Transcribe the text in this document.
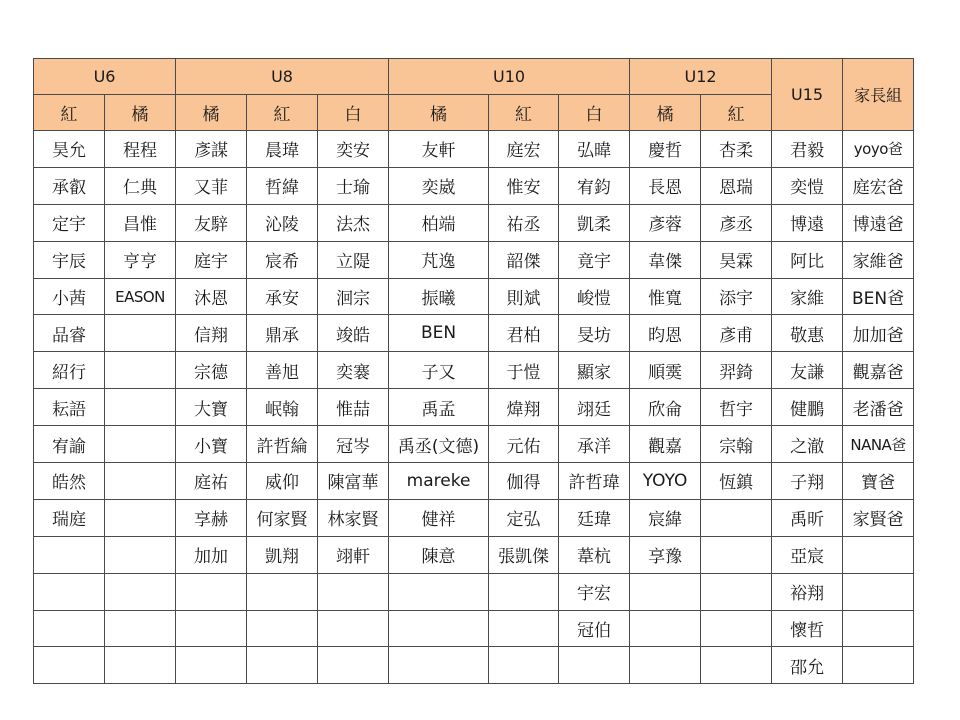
U6		U8			U10			U12		U15	家長組
紅	橘	橘	紅	白	橘	紅	白	橘	紅		
昊允	程程	彥謀	晨瑋	奕安	友軒	庭宏	弘暐	慶哲	杏柔	君毅	yoyo爸
承叡	仁典	又菲	哲緯	士瑜	奕崴	惟安	宥鈞	長恩	恩瑞	奕愷	庭宏爸
定宇	昌惟	友騂	沁陵	法杰	柏端	祐丞	凱柔	彥蓉	彥丞	博遠	博遠爸
宇辰	亨亨	庭宇	宸希	立隄	芃逸	韶傑	竟宇	韋傑	昊霖	阿比	家維爸
小茜	EASON	沐恩	承安	洄宗	振曦	則斌	峻愷	惟寬	添宇	家維	BEN爸
品睿		信翔	鼎承	竣皓	BEN	君柏	旻坊	昀恩	彥甫	敬惠	加加爸
紹行		宗德	善旭	奕褰	子又	于愷	顯家	順霙	羿錡	友謙	觀嘉爸
耘語		大寶	岷翰	惟喆	禹孟	煒翔	翊廷	欣侖	哲宇	健鵬	老潘爸
宥諭		小寶	許哲綸	冠岑	禹丞(文德)	元佑	承洋	觀嘉	宗翰	之澈	NANA爸
皓然		庭祐	威仰	陳富華	mareke	伽得	許哲瑋	YOYO	恆鎮	子翔	寶爸
瑞庭		享赫	何家賢	林家賢	健祥	定弘	廷瑋	宸緯		禹昕	家賢爸
		加加	凱翔	翊軒	陳意	張凱傑	葦杭	享豫		亞宸	
							宇宏			裕翔	
							冠伯			懷哲	
										邵允	
